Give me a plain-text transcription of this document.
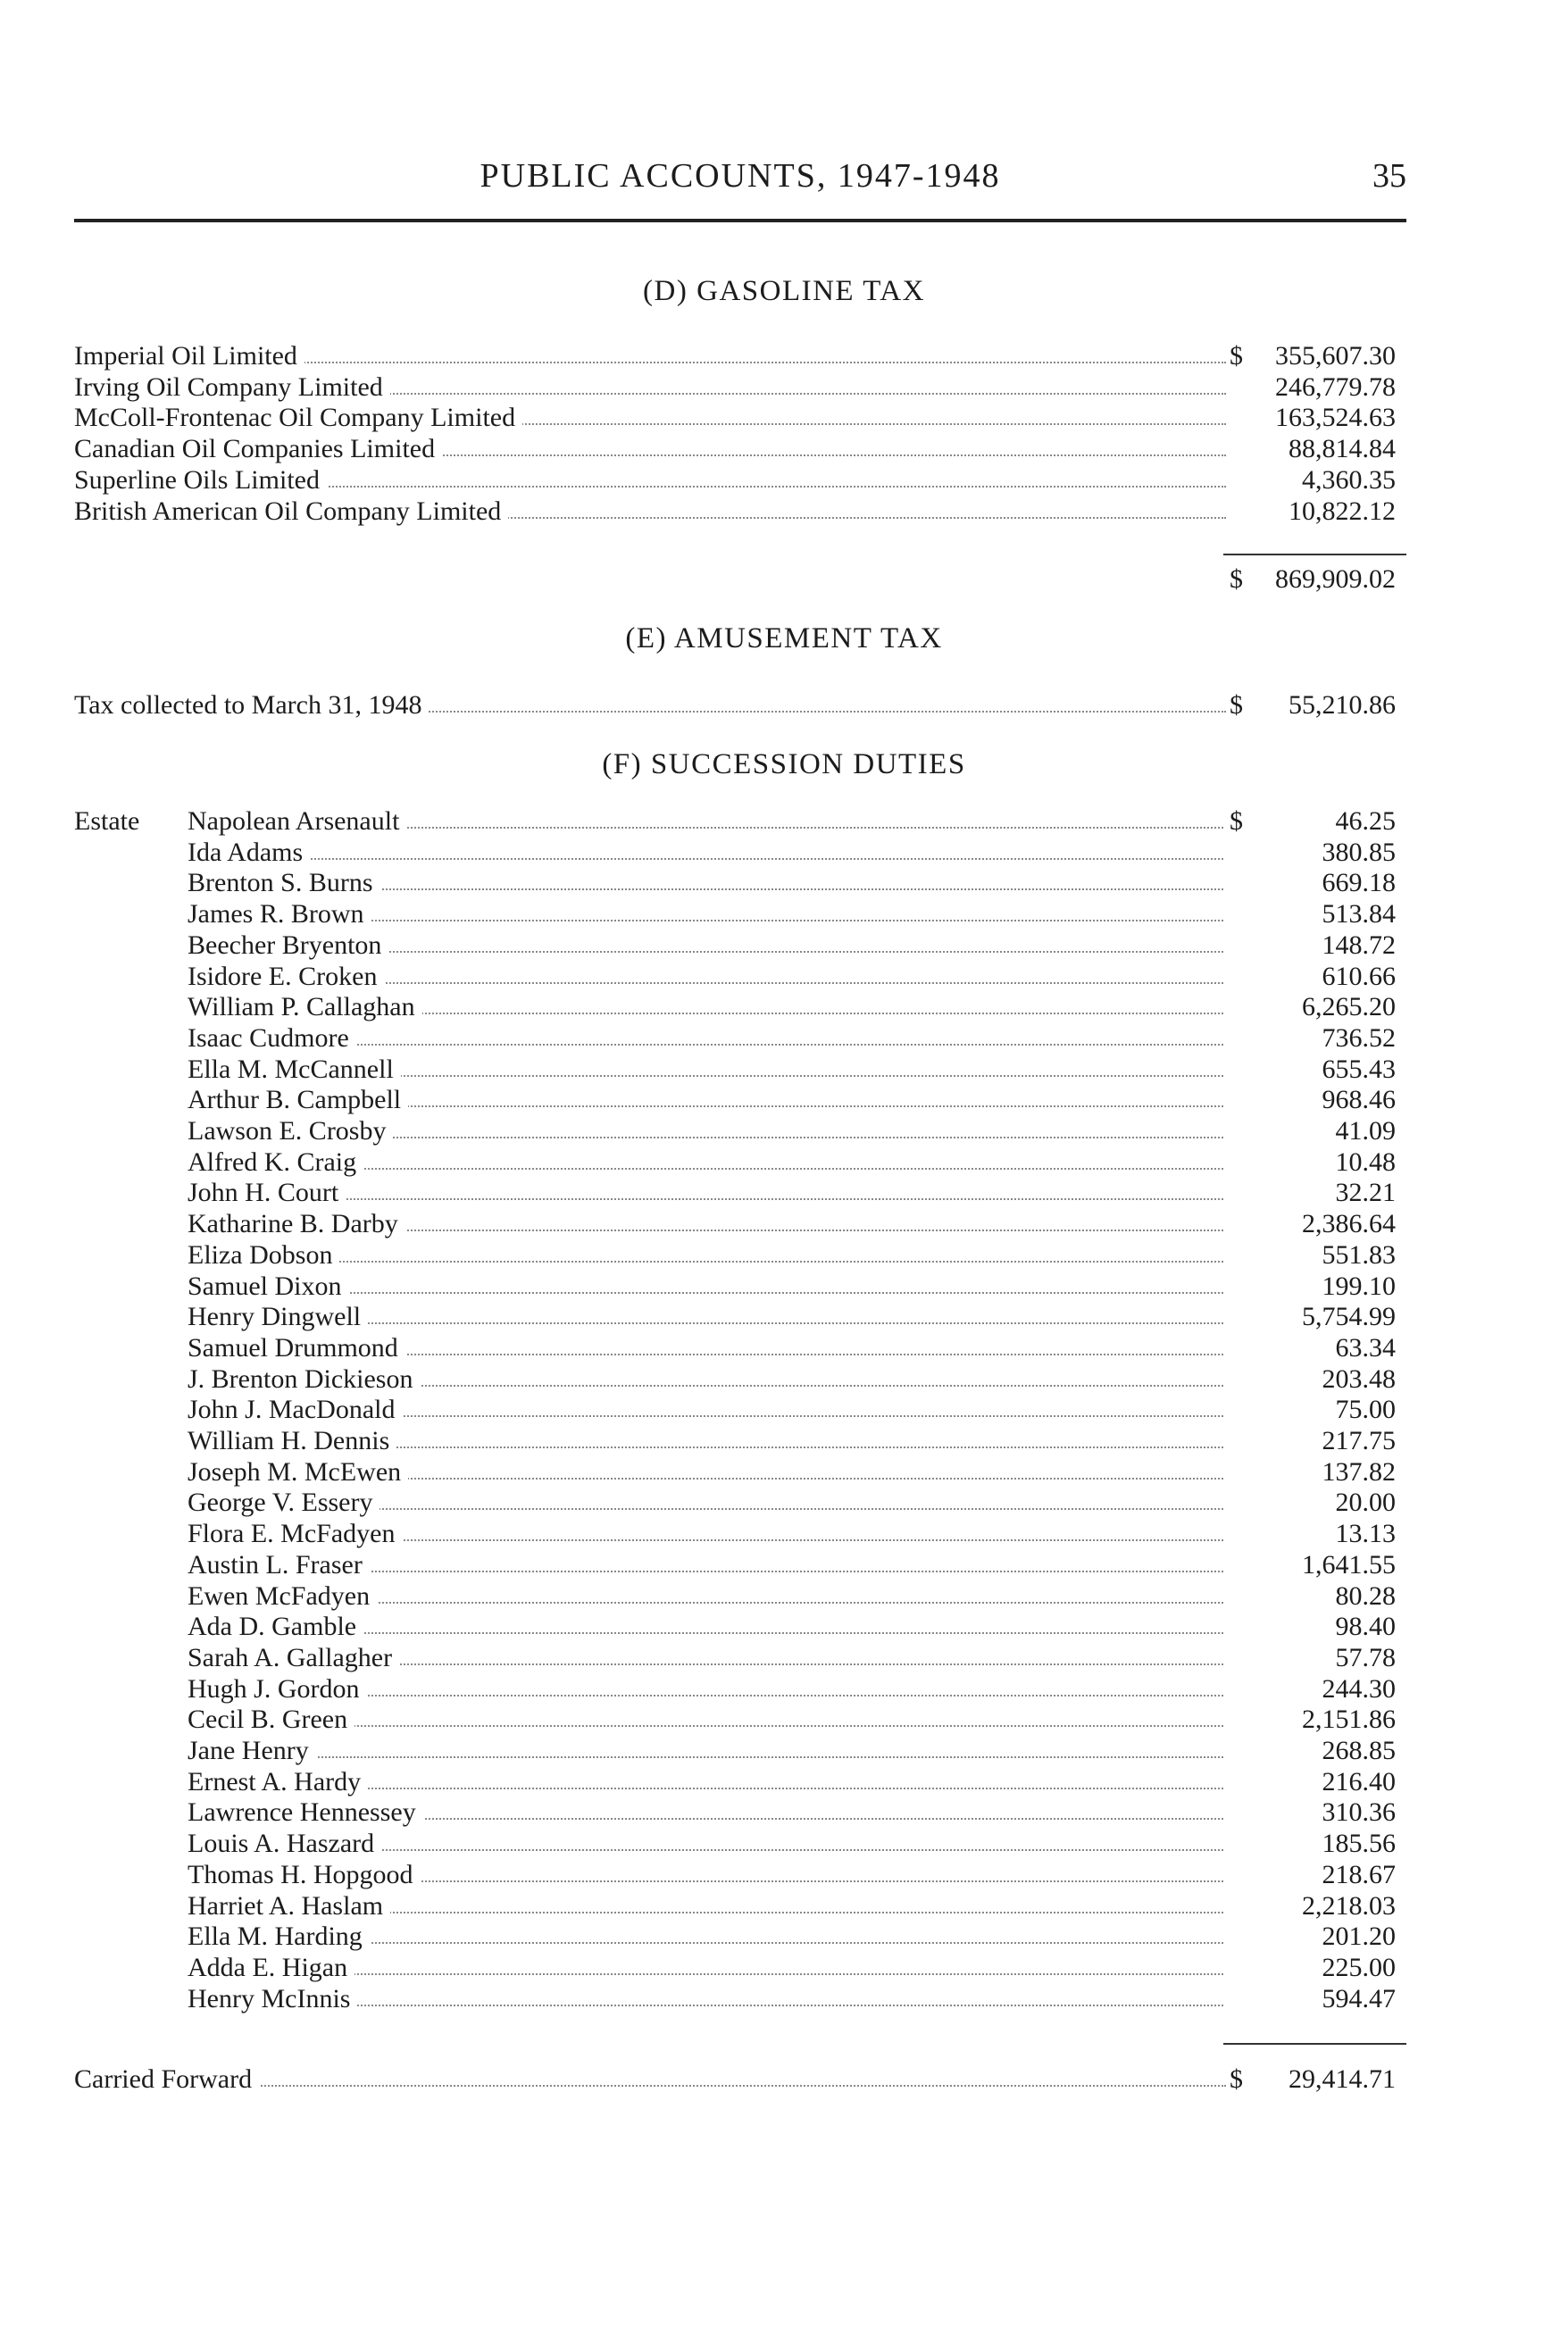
PUBLIC ACCOUNTS, 1947-1948	35
(D) GASOLINE TAX
Imperial Oil Limited	$ 355,607.30
Irving Oil Company Limited	246,779.78
McColl-Frontenac Oil Company Limited	163,524.63
Canadian Oil Companies Limited	88,814.84
Superline Oils Limited	4,360.35
British American Oil Company Limited	10,822.12
$ 869,909.02
(E) AMUSEMENT TAX
Tax collected to March 31, 1948	$ 55,210.86
(F) SUCCESSION DUTIES
Estate Napolean Arsenault	$	46.25
Ida Adams	380.85
Brenton S. Burns	669.18
James R. Brown	513.84
Beecher Bryenton	148.72
Isidore E. Croken	610.66
William P. Callaghan	6,265.20
Isaac Cudmore	736.52
Ella M. McCannell	655.43
Arthur B. Campbell	968.46
Lawson E. Crosby	41.09
Alfred K. Craig	10.48
John H. Court	32.21
Katharine B. Darby	2,386.64
Eliza Dobson	551.83
Samuel Dixon	199.10
Henry Dingwell	5,754.99
Samuel Drummond	63.34
J. Brenton Dickieson	203.48
John J. MacDonald	75.00
William H. Dennis	217.75
Joseph M. McEwen	137.82
George V. Essery	20.00
Flora E. McFadyen	13.13
Austin L. Fraser	1,641.55
Ewen McFadyen	80.28
Ada D. Gamble	98.40
Sarah A. Gallagher	57.78
Hugh J. Gordon	244.30
Cecil B. Green	2,151.86
Jane Henry	268.85
Ernest A. Hardy	216.40
Lawrence Hennessey	310.36
Louis A. Haszard	185.56
Thomas H. Hopgood	218.67
Harriet A. Haslam	2,218.03
Ella M. Harding	201.20
Adda E. Higan	225.00
Henry McInnis	594.47
Carried Forward	$ 29,414.71
